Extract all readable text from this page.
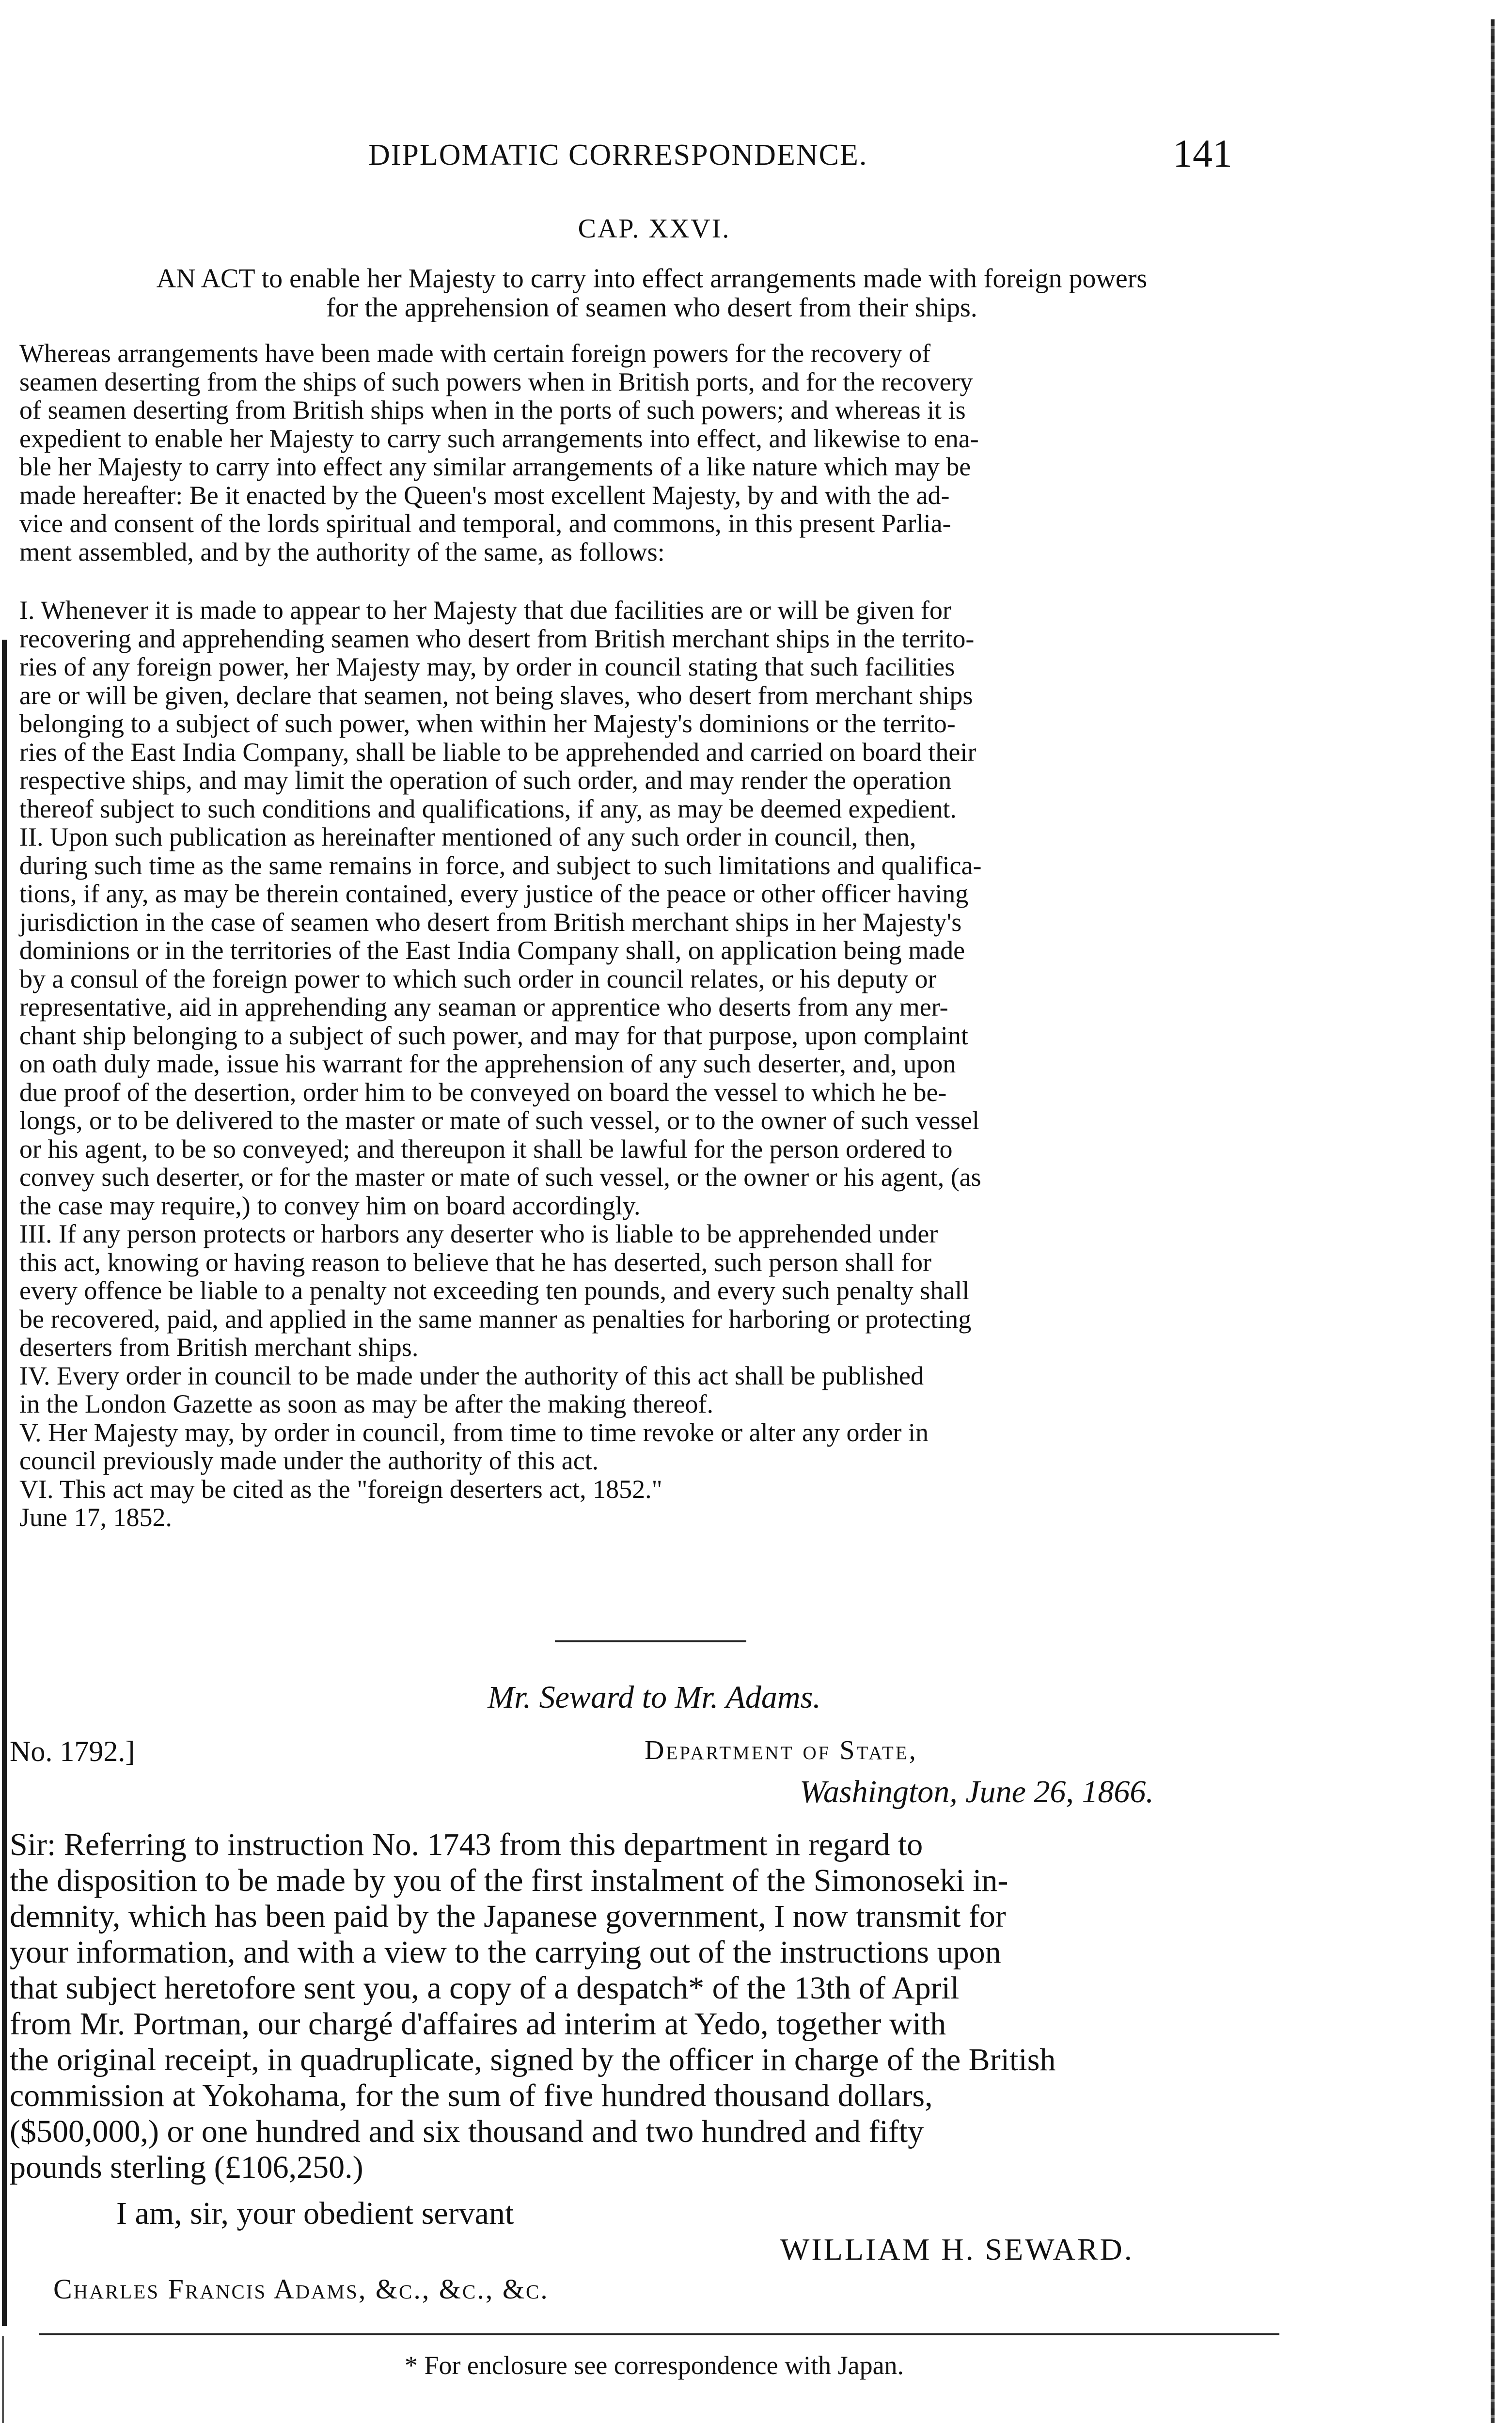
DIPLOMATIC CORRESPONDENCE.	141
CAP. XXVI.
AN ACT to enable her Majesty to carry into effect arrangements made with foreign powers
for the apprehension of seamen who desert from their ships.
Whereas arrangements have been made with certain foreign powers for the recovery of
seamen deserting from the ships of such powers when in British ports, and for the recovery
of seamen deserting from British ships when in the ports of such powers; and whereas it is
expedient to enable her Majesty to carry such arrangements into effect, and likewise to ena-
ble her Majesty to carry into effect any similar arrangements of a like nature which may be
made hereafter: Be it enacted by the Queen's most excellent Majesty, by and with the ad-
vice and consent of the lords spiritual and temporal, and commons, in this present Parlia-
ment assembled, and by the authority of the same, as follows:
I. Whenever it is made to appear to her Majesty that due facilities are or will be given for
recovering and apprehending seamen who desert from British merchant ships in the territo-
ries of any foreign power, her Majesty may, by order in council stating that such facilities
are or will be given, declare that seamen, not being slaves, who desert from merchant ships
belonging to a subject of such power, when within her Majesty's dominions or the territo-
ries of the East India Company, shall be liable to be apprehended and carried on board their
respective ships, and may limit the operation of such order, and may render the operation
thereof subject to such conditions and qualifications, if any, as may be deemed expedient.
II. Upon such publication as hereinafter mentioned of any such order in council, then,
during such time as the same remains in force, and subject to such limitations and qualifica-
tions, if any, as may be therein contained, every justice of the peace or other officer having
jurisdiction in the case of seamen who desert from British merchant ships in her Majesty's
dominions or in the territories of the East India Company shall, on application being made
by a consul of the foreign power to which such order in council relates, or his deputy or
representative, aid in apprehending any seaman or apprentice who deserts from any mer-
chant ship belonging to a subject of such power, and may for that purpose, upon complaint
on oath duly made, issue his warrant for the apprehension of any such deserter, and, upon
due proof of the desertion, order him to be conveyed on board the vessel to which he be-
longs, or to be delivered to the master or mate of such vessel, or to the owner of such vessel
or his agent, to be so conveyed; and thereupon it shall be lawful for the person ordered to
convey such deserter, or for the master or mate of such vessel, or the owner or his agent, (as
the case may require,) to convey him on board accordingly.
III. If any person protects or harbors any deserter who is liable to be apprehended under
this act, knowing or having reason to believe that he has deserted, such person shall for
every offence be liable to a penalty not exceeding ten pounds, and every such penalty shall
be recovered, paid, and applied in the same manner as penalties for harboring or protecting
deserters from British merchant ships.
IV. Every order in council to be made under the authority of this act shall be published
in the London Gazette as soon as may be after the making thereof.
V. Her Majesty may, by order in council, from time to time revoke or alter any order in
council previously made under the authority of this act.
VI. This act may be cited as the "foreign deserters act, 1852."
June 17, 1852.
Mr. Seward to Mr. Adams.
No. 1792.]	Department of State,
Washington, June 26, 1866.
Sir: Referring to instruction No. 1743 from this department in regard to
the disposition to be made by you of the first instalment of the Simonoseki in-
demnity, which has been paid by the Japanese government, I now transmit for
your information, and with a view to the carrying out of the instructions upon
that subject heretofore sent you, a copy of a despatch* of the 13th of April
from Mr. Portman, our chargé d'affaires ad interim at Yedo, together with
the original receipt, in quadruplicate, signed by the officer in charge of the British
commission at Yokohama, for the sum of five hundred thousand dollars,
($500,000,) or one hundred and six thousand and two hundred and fifty
pounds sterling (£106,250.)
I am, sir, your obedient servant
WILLIAM H. SEWARD.
Charles Francis Adams, &c., &c., &c.
* For enclosure see correspondence with Japan.
